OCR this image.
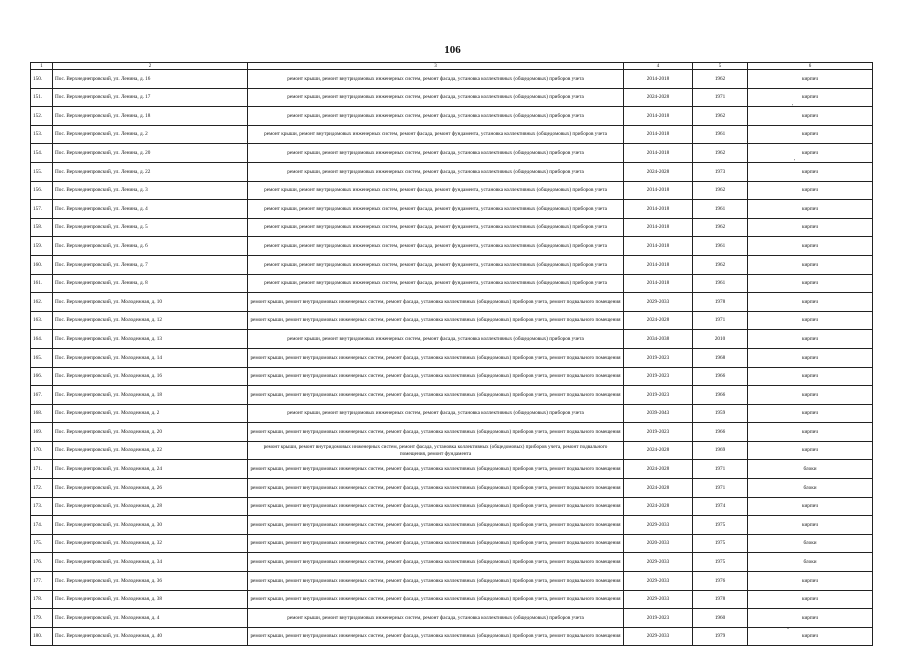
106
1	2	3	4	5	6
150.	Пос. Верхнеднепровский, ул. Ленина, д. 16	ремонт крыши, ремонт внутридомовых инженерных систем, ремонт фасада, установка коллективных (общедомовых) приборов учета	2014-2018	1962	кирпич
151.	Пос. Верхнеднепровский, ул. Ленина, д. 17	ремонт крыши, ремонт внутридомовых инженерных систем, ремонт фасада, установка коллективных (общедомовых) приборов учета	2024-2028	1971	кирпич
152.	Пос. Верхнеднепровский, ул. Ленина, д. 18	ремонт крыши, ремонт внутридомовых инженерных систем, ремонт фасада, установка коллективных (общедомовых) приборов учета	2014-2018	1962	кирпич
153.	Пос. Верхнеднепровский, ул. Ленина, д. 2	ремонт крыши, ремонт внутридомовых инженерных систем, ремонт фасада, ремонт фундамента, установка коллективных (общедомовых) приборов учета	2014-2018	1961	кирпич
154.	Пос. Верхнеднепровский, ул. Ленина, д. 20	ремонт крыши, ремонт внутридомовых инженерных систем, ремонт фасада, установка коллективных (общедомовых) приборов учета	2014-2018	1962	кирпич
155.	Пос. Верхнеднепровский, ул. Ленина, д. 22	ремонт крыши, ремонт внутридомовых инженерных систем, ремонт фасада, установка коллективных (общедомовых) приборов учета	2024-2028	1973	кирпич
156.	Пос. Верхнеднепровский, ул. Ленина, д. 3	ремонт крыши, ремонт внутридомовых инженерных систем, ремонт фасада, ремонт фундамента, установка коллективных (общедомовых) приборов учета	2014-2018	1962	кирпич
157.	Пос. Верхнеднепровский, ул. Ленина, д. 4	ремонт крыши, ремонт внутридомовых инженерных систем, ремонт фасада, ремонт фундамента, установка коллективных (общедомовых) приборов учета	2014-2018	1961	кирпич
158.	Пос. Верхнеднепровский, ул. Ленина, д. 5	ремонт крыши, ремонт внутридомовых инженерных систем, ремонт фасада, ремонт фундамента, установка коллективных (общедомовых) приборов учета	2014-2018	1962	кирпич
159.	Пос. Верхнеднепровский, ул. Ленина, д. 6	ремонт крыши, ремонт внутридомовых инженерных систем, ремонт фасада, ремонт фундамента, установка коллективных (общедомовых) приборов учета	2014-2018	1961	кирпич
160.	Пос. Верхнеднепровский, ул. Ленина, д. 7	ремонт крыши, ремонт внутридомовых инженерных систем, ремонт фасада, ремонт фундамента, установка коллективных (общедомовых) приборов учета	2014-2018	1962	кирпич
161.	Пос. Верхнеднепровский, ул. Ленина, д. 8	ремонт крыши, ремонт внутридомовых инженерных систем, ремонт фасада, ремонт фундамента, установка коллективных (общедомовых) приборов учета	2014-2018	1961	кирпич
162.	Пос. Верхнеднепровский, ул. Молодежная, д. 10	ремонт крыши, ремонт внутридомовых инженерных систем, ремонт фасада, установка коллективных (общедомовых) приборов учета, ремонт подвального помещения	2029-2033	1978	кирпич
163.	Пос. Верхнеднепровский, ул. Молодежная, д. 12	ремонт крыши, ремонт внутридомовых инженерных систем, ремонт фасада, установка коллективных (общедомовых) приборов учета, ремонт подвального помещения	2024-2028	1971	кирпич
164.	Пос. Верхнеднепровский, ул. Молодежная, д. 13	ремонт крыши, ремонт внутридомовых инженерных систем, ремонт фасада, установка коллективных (общедомовых) приборов учета	2034-2038	2010	кирпич
165.	Пос. Верхнеднепровский, ул. Молодежная, д. 14	ремонт крыши, ремонт внутридомовых инженерных систем, ремонт фасада, установка коллективных (общедомовых) приборов учета, ремонт подвального помещения	2019-2023	1968	кирпич
166.	Пос. Верхнеднепровский, ул. Молодежная, д. 16	ремонт крыши, ремонт внутридомовых инженерных систем, ремонт фасада, установка коллективных (общедомовых) приборов учета, ремонт подвального помещения	2019-2023	1966	кирпич
167.	Пос. Верхнеднепровский, ул. Молодежная, д. 18	ремонт крыши, ремонт внутридомовых инженерных систем, ремонт фасада, установка коллективных (общедомовых) приборов учета, ремонт подвального помещения	2019-2023	1966	кирпич
168.	Пос. Верхнеднепровский, ул. Молодежная, д. 2	ремонт крыши, ремонт внутридомовых инженерных систем, ремонт фасада, установка коллективных (общедомовых) приборов учета	2039-2043	1959	кирпич
169.	Пос. Верхнеднепровский, ул. Молодежная, д. 20	ремонт крыши, ремонт внутридомовых инженерных систем, ремонт фасада, установка коллективных (общедомовых) приборов учета, ремонт подвального помещения	2019-2023	1966	кирпич
170.	Пос. Верхнеднепровский, ул. Молодежная, д. 22	ремонт крыши, ремонт внутридомовых инженерных систем, ремонт фасада, установка коллективных (общедомовых) приборов учета, ремонт подвального помещения, ремонт фундамента	2024-2028	1969	кирпич
171.	Пос. Верхнеднепровский, ул. Молодежная, д. 24	ремонт крыши, ремонт внутридомовых инженерных систем, ремонт фасада, установка коллективных (общедомовых) приборов учета, ремонт подвального помещения	2024-2028	1971	блоки
172.	Пос. Верхнеднепровский, ул. Молодежная, д. 26	ремонт крыши, ремонт внутридомовых инженерных систем, ремонт фасада, установка коллективных (общедомовых) приборов учета, ремонт подвального помещения	2024-2028	1971	блоки
173.	Пос. Верхнеднепровский, ул. Молодежная, д. 28	ремонт крыши, ремонт внутридомовых инженерных систем, ремонт фасада, установка коллективных (общедомовых) приборов учета, ремонт подвального помещения	2024-2028	1974	кирпич
174.	Пос. Верхнеднепровский, ул. Молодежная, д. 30	ремонт крыши, ремонт внутридомовых инженерных систем, ремонт фасада, установка коллективных (общедомовых) приборов учета, ремонт подвального помещения	2029-2033	1975	кирпич
175.	Пос. Верхнеднепровский, ул. Молодежная, д. 32	ремонт крыши, ремонт внутридомовых инженерных систем, ремонт фасада, установка коллективных (общедомовых) приборов учета, ремонт подвального помещения	2020-2033	1975	блоки
176.	Пос. Верхнеднепровский, ул. Молодежная, д. 34	ремонт крыши, ремонт внутридомовых инженерных систем, ремонт фасада, установка коллективных (общедомовых) приборов учета, ремонт подвального помещения	2029-2033	1975	блоки
177.	Пос. Верхнеднепровский, ул. Молодежная, д. 36	ремонт крыши, ремонт внутридомовых инженерных систем, ремонт фасада, установка коллективных (общедомовых) приборов учета, ремонт подвального помещения	2029-2033	1976	кирпич
178.	Пос. Верхнеднепровский, ул. Молодежная, д. 38	ремонт крыши, ремонт внутридомовых инженерных систем, ремонт фасада, установка коллективных (общедомовых) приборов учета, ремонт подвального помещения	2029-2033	1978	кирпич
179.	Пос. Верхнеднепровский, ул. Молодежная, д. 4	ремонт крыши, ремонт внутридомовых инженерных систем, ремонт фасада, установка коллективных (общедомовых) приборов учета	2019-2023	1960	кирпич
180.	Пос. Верхнеднепровский, ул. Молодежная, д. 40	ремонт крыши, ремонт внутридомовых инженерных систем, ремонт фасада, установка коллективных (общедомовых) приборов учета, ремонт подвального помещения	2029-2033	1979	кирпич
'
'
-
